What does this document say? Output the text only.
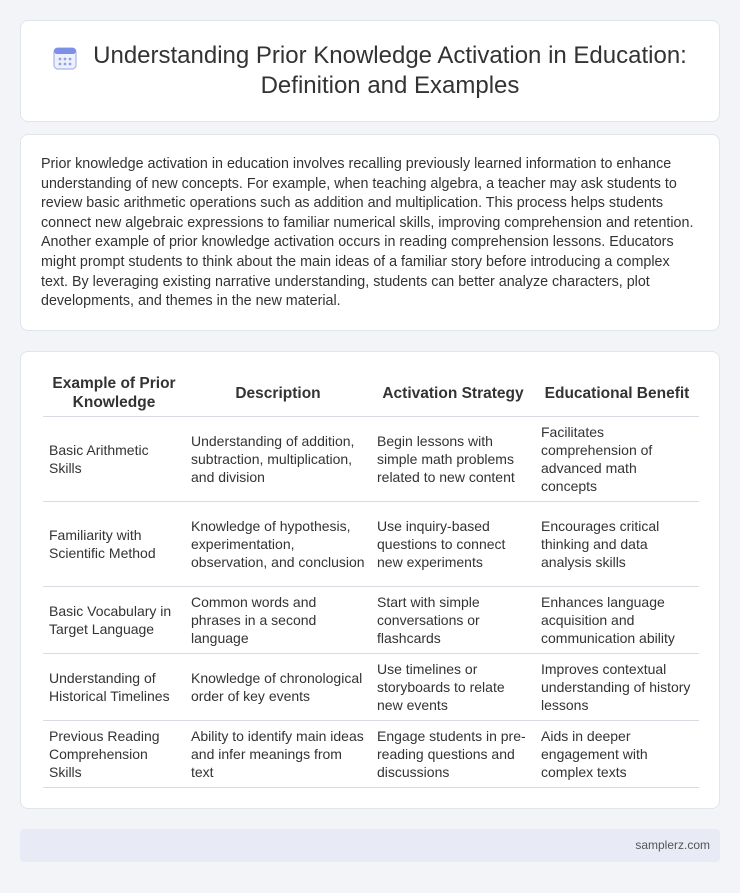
Understanding Prior Knowledge Activation in Education: Definition and Examples

Prior knowledge activation in education involves recalling previously learned information to enhance understanding of new concepts. For example, when teaching algebra, a teacher may ask students to review basic arithmetic operations such as addition and multiplication. This process helps students connect new algebraic expressions to familiar numerical skills, improving comprehension and retention. Another example of prior knowledge activation occurs in reading comprehension lessons. Educators might prompt students to think about the main ideas of a familiar story before introducing a complex text. By leveraging existing narrative understanding, students can better analyze characters, plot developments, and themes in the new material.

Example of Prior Knowledge	Description	Activation Strategy	Educational Benefit
Basic Arithmetic Skills	Understanding of addition, subtraction, multiplication, and division	Begin lessons with simple math problems related to new content	Facilitates comprehension of advanced math concepts
Familiarity with Scientific Method	Knowledge of hypothesis, experimentation, observation, and conclusion	Use inquiry-based questions to connect new experiments	Encourages critical thinking and data analysis skills
Basic Vocabulary in Target Language	Common words and phrases in a second language	Start with simple conversations or flashcards	Enhances language acquisition and communication ability
Understanding of Historical Timelines	Knowledge of chronological order of key events	Use timelines or storyboards to relate new events	Improves contextual understanding of history lessons
Previous Reading Comprehension Skills	Ability to identify main ideas and infer meanings from text	Engage students in pre-reading questions and discussions	Aids in deeper engagement with complex texts
samplerz.com
